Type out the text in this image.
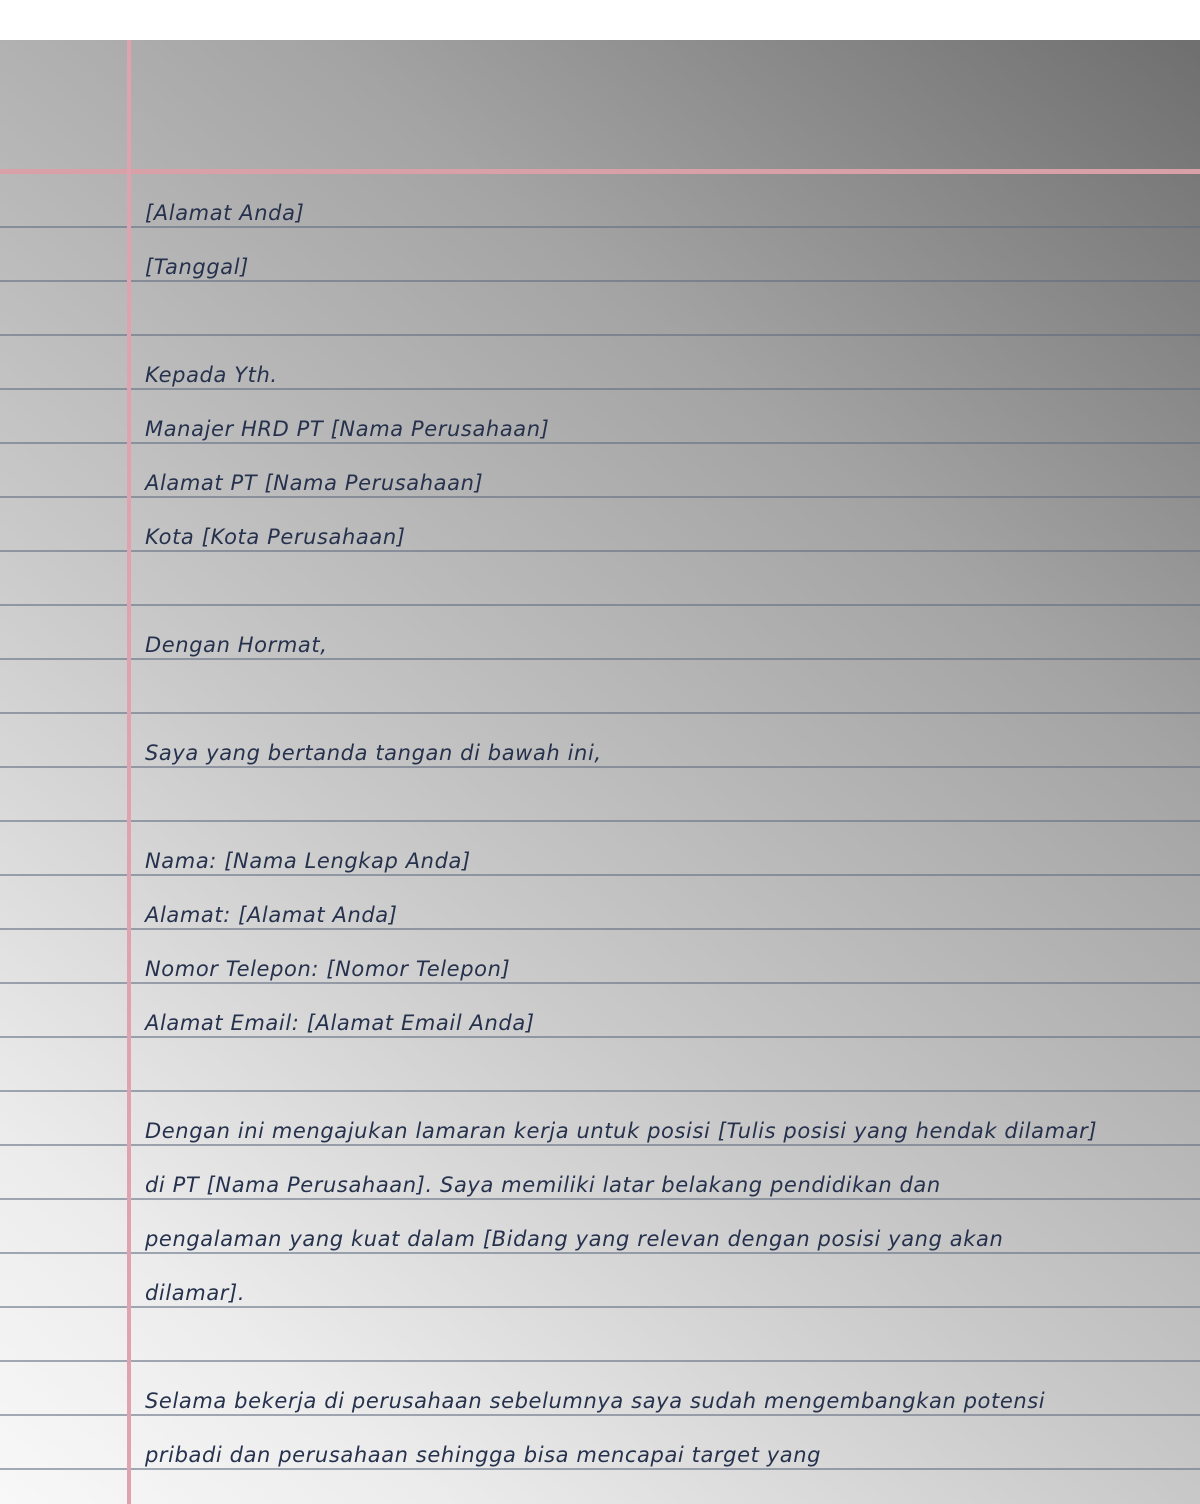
[Alamat Anda]
[Tanggal]
Kepada Yth.
Manajer HRD PT [Nama Perusahaan]
Alamat PT [Nama Perusahaan]
Kota [Kota Perusahaan]
Dengan Hormat,
Saya yang bertanda tangan di bawah ini,
Nama: [Nama Lengkap Anda]
Alamat: [Alamat Anda]
Nomor Telepon: [Nomor Telepon]
Alamat Email: [Alamat Email Anda]
Dengan ini mengajukan lamaran kerja untuk posisi [Tulis posisi yang hendak dilamar]
di PT [Nama Perusahaan]. Saya memiliki latar belakang pendidikan dan
pengalaman yang kuat dalam [Bidang yang relevan dengan posisi yang akan
dilamar].
Selama bekerja di perusahaan sebelumnya saya sudah mengembangkan potensi
pribadi dan perusahaan sehingga bisa mencapai target yang
